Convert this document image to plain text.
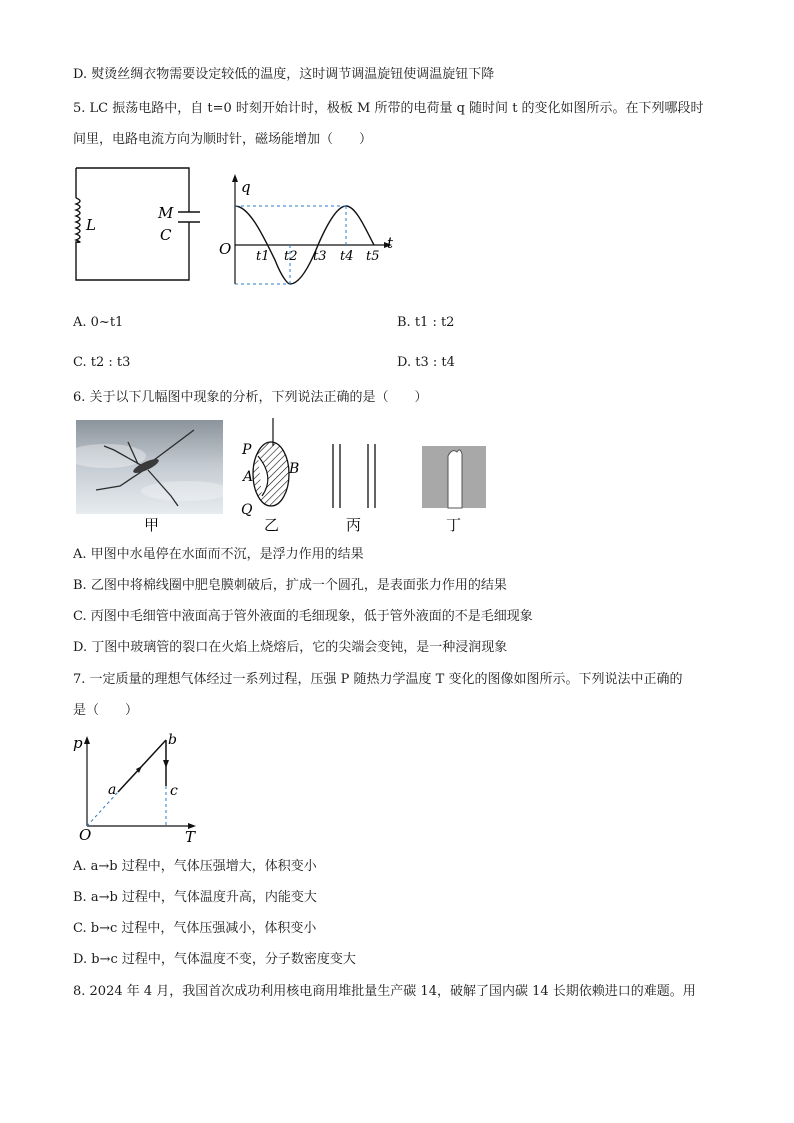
D. 熨烫丝绸衣物需要设定较低的温度，这时调节调温旋钮使调温旋钮下降
5. LC 振荡电路中，自 t=0 时刻开始计时，极板 M 所带的电荷量 q 随时间 t 的变化如图所示。在下列哪段时
间里，电路电流方向为顺时针，磁场能增加（　　）
L
M
C
q
t
O t1 t2 t3 t4 t5
A. 0~t1	B. t1 : t2
C. t2 : t3	D. t3 : t4
6. 关于以下几幅图中现象的分析，下列说法正确的是（　　）
甲
P
A	B
Q
乙	丙	丁
A. 甲图中水黾停在水面而不沉，是浮力作用的结果
B. 乙图中将棉线圈中肥皂膜刺破后，扩成一个圆孔，是表面张力作用的结果
C. 丙图中毛细管中液面高于管外液面的毛细现象，低于管外液面的不是毛细现象
D. 丁图中玻璃管的裂口在火焰上烧熔后，它的尖端会变钝，是一种浸润现象
7. 一定质量的理想气体经过一系列过程，压强 P 随热力学温度 T 变化的图像如图所示。下列说法中正确的
是（　　）
p
T
O
a
b
c
A. a→b 过程中，气体压强增大，体积变小
B. a→b 过程中，气体温度升高，内能变大
C. b→c 过程中，气体压强减小，体积变小
D. b→c 过程中，气体温度不变，分子数密度变大
8. 2024 年 4 月，我国首次成功利用核电商用堆批量生产碳 14，破解了国内碳 14 长期依赖进口的难题。用
